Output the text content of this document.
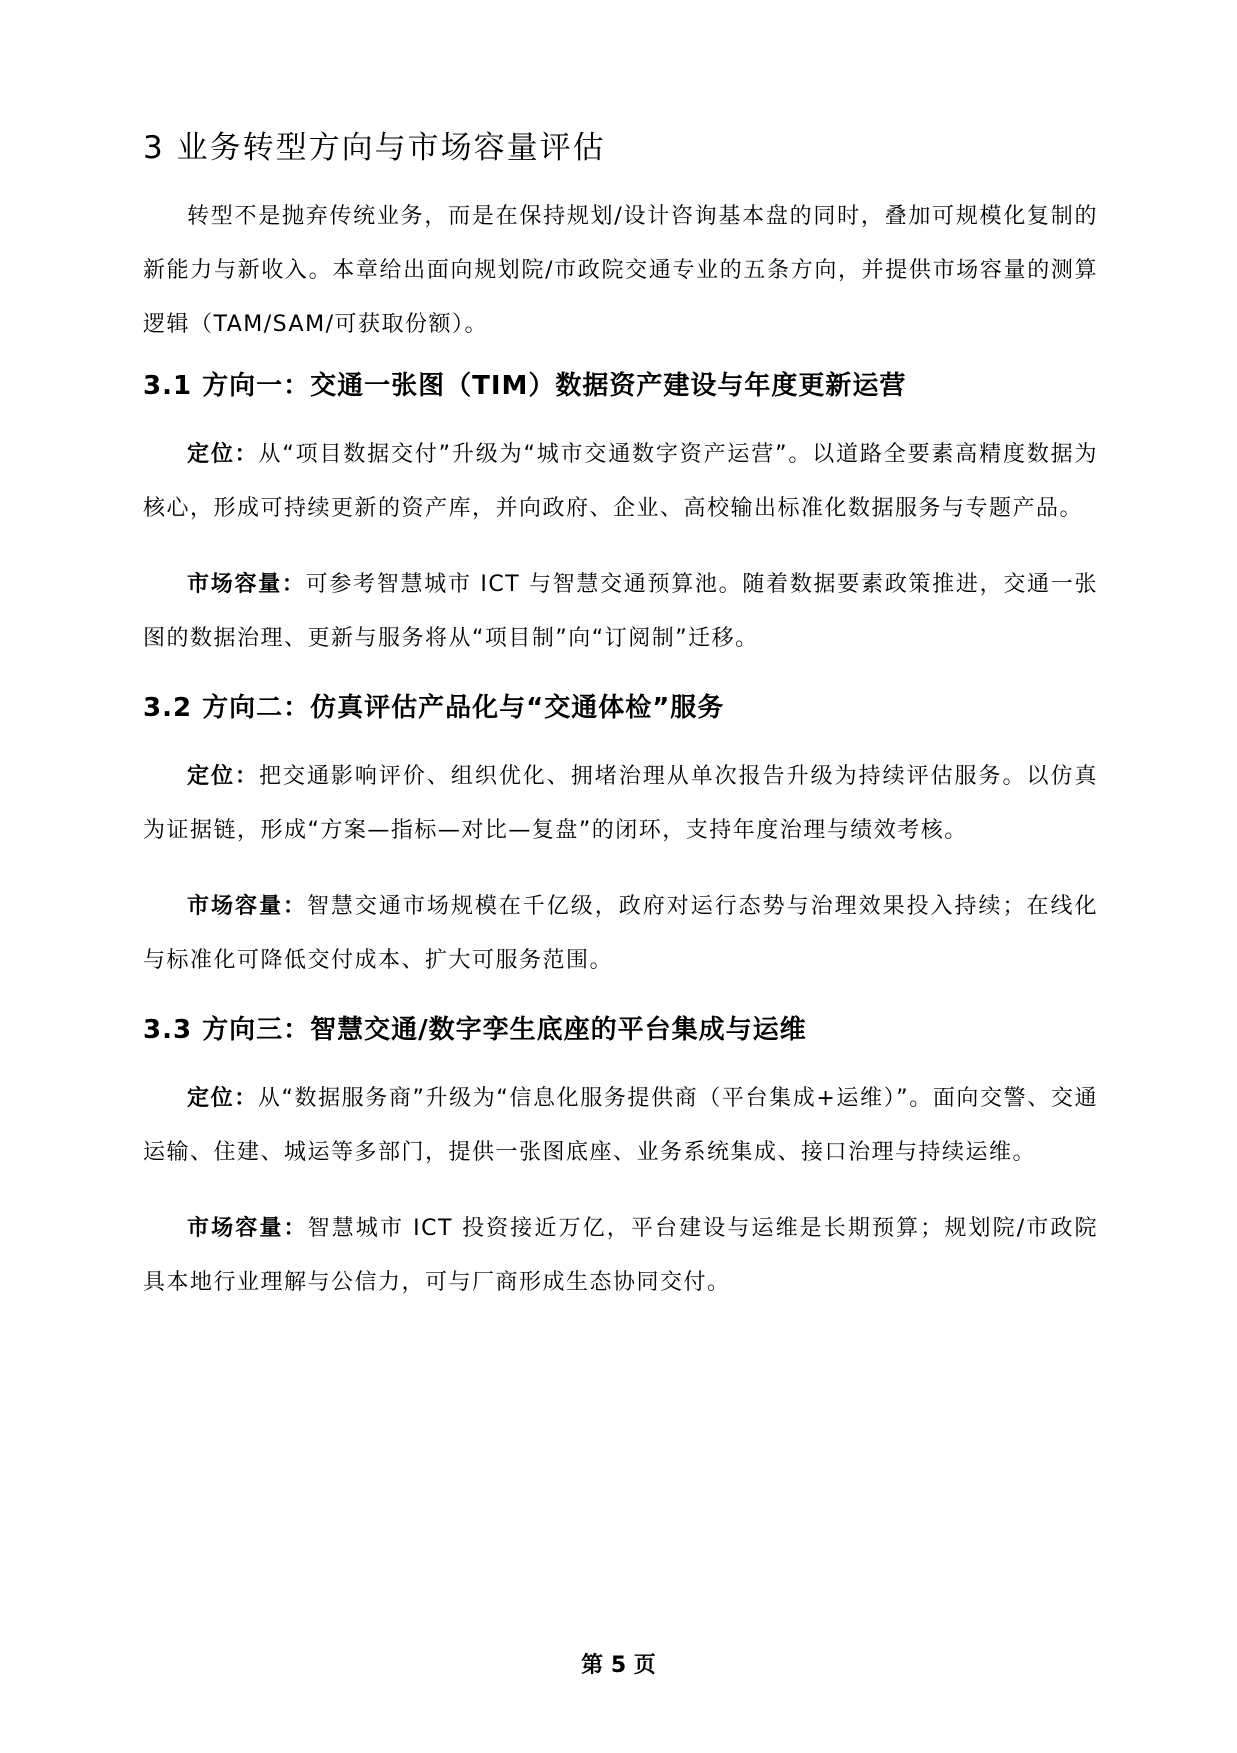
3 业务转型方向与市场容量评估

转型不是抛弃传统业务，而是在保持规划/设计咨询基本盘的同时，叠加可规模化复制的新能力与新收入。本章给出面向规划院/市政院交通专业的五条方向，并提供市场容量的测算逻辑（TAM/SAM/可获取份额）。

3.1 方向一：交通一张图（TIM）数据资产建设与年度更新运营

定位：从“项目数据交付”升级为“城市交通数字资产运营”。以道路全要素高精度数据为核心，形成可持续更新的资产库，并向政府、企业、高校输出标准化数据服务与专题产品。

市场容量：可参考智慧城市 ICT 与智慧交通预算池。随着数据要素政策推进，交通一张图的数据治理、更新与服务将从“项目制”向“订阅制”迁移。

3.2 方向二：仿真评估产品化与“交通体检”服务

定位：把交通影响评价、组织优化、拥堵治理从单次报告升级为持续评估服务。以仿真为证据链，形成“方案—指标—对比—复盘”的闭环，支持年度治理与绩效考核。

市场容量：智慧交通市场规模在千亿级，政府对运行态势与治理效果投入持续；在线化与标准化可降低交付成本、扩大可服务范围。

3.3 方向三：智慧交通/数字孪生底座的平台集成与运维

定位：从“数据服务商”升级为“信息化服务提供商（平台集成+运维）”。面向交警、交通运输、住建、城运等多部门，提供一张图底座、业务系统集成、接口治理与持续运维。

市场容量：智慧城市 ICT 投资接近万亿，平台建设与运维是长期预算；规划院/市政院具本地行业理解与公信力，可与厂商形成生态协同交付。

第 5 页
